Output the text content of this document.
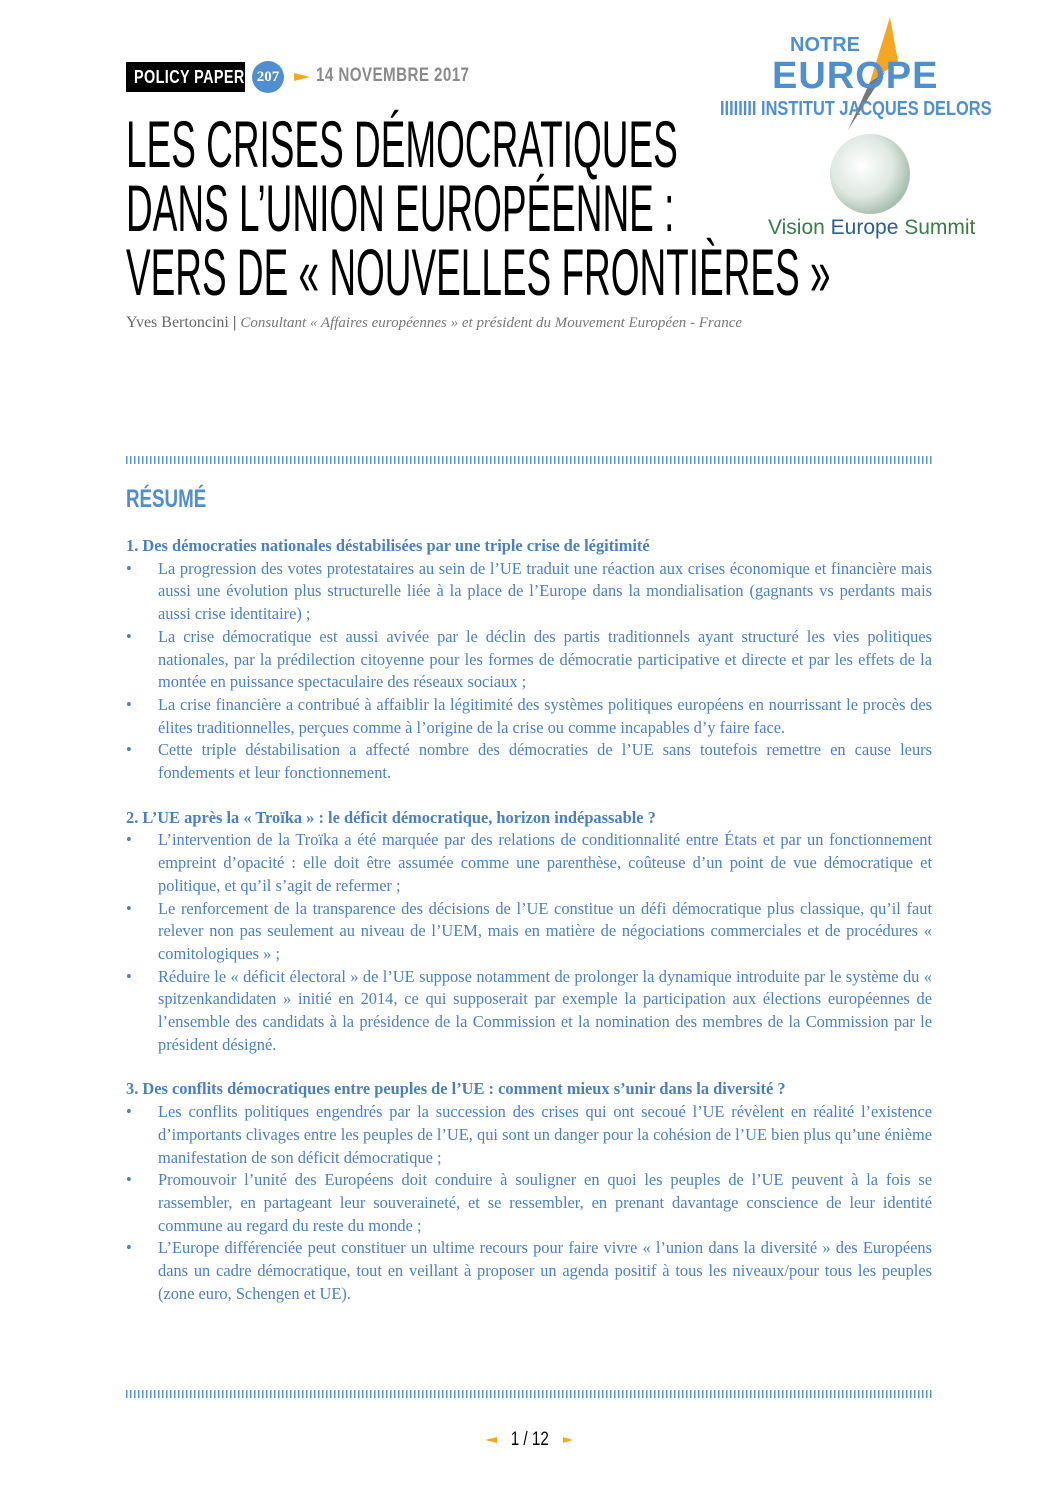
POLICY PAPER 207 14 NOVEMBRE 2017
NOTRE
EUROPE
IIIIIIII INSTITUT JACQUES DELORS
Vision Europe Summit
LES CRISES DÉMOCRATIQUES
DANS L’UNION EUROPÉENNE :
VERS DE « NOUVELLES FRONTIÈRES »
Yves Bertoncini | Consultant « Affaires européennes » et président du Mouvement Européen - France
RÉSUMÉ
1. Des démocraties nationales déstabilisées par une triple crise de légitimité
• La progression des votes protestataires au sein de l’UE traduit une réaction aux crises économique et financière mais aussi une évolution plus structurelle liée à la place de l’Europe dans la mondialisation (gagnants vs perdants mais aussi crise identitaire) ;
• La crise démocratique est aussi avivée par le déclin des partis traditionnels ayant structuré les vies politiques nationales, par la prédilection citoyenne pour les formes de démocratie participative et directe et par les effets de la montée en puissance spectaculaire des réseaux sociaux ;
• La crise financière a contribué à affaiblir la légitimité des systèmes politiques européens en nourrissant le procès des élites traditionnelles, perçues comme à l’origine de la crise ou comme incapables d’y faire face.
• Cette triple déstabilisation a affecté nombre des démocraties de l’UE sans toutefois remettre en cause leurs fondements et leur fonctionnement.
2. L’UE après la « Troïka » : le déficit démocratique, horizon indépassable ?
• L’intervention de la Troïka a été marquée par des relations de conditionnalité entre États et par un fonctionnement empreint d’opacité : elle doit être assumée comme une parenthèse, coûteuse d’un point de vue démocratique et politique, et qu’il s’agit de refermer ;
• Le renforcement de la transparence des décisions de l’UE constitue un défi démocratique plus classique, qu’il faut relever non pas seulement au niveau de l’UEM, mais en matière de négociations commerciales et de procédures « comitologiques » ;
• Réduire le « déficit électoral » de l’UE suppose notamment de prolonger la dynamique introduite par le système du « spitzenkandidaten » initié en 2014, ce qui supposerait par exemple la participation aux élections européennes de l’ensemble des candidats à la présidence de la Commission et la nomination des membres de la Commission par le président désigné.
3. Des conflits démocratiques entre peuples de l’UE : comment mieux s’unir dans la diversité ?
• Les conflits politiques engendrés par la succession des crises qui ont secoué l’UE révèlent en réalité l’existence d’importants clivages entre les peuples de l’UE, qui sont un danger pour la cohésion de l’UE bien plus qu’une énième manifestation de son déficit démocratique ;
• Promouvoir l’unité des Européens doit conduire à souligner en quoi les peuples de l’UE peuvent à la fois se rassembler, en partageant leur souveraineté, et se ressembler, en prenant davantage conscience de leur identité commune au regard du reste du monde ;
• L’Europe différenciée peut constituer un ultime recours pour faire vivre « l’union dans la diversité » des Européens dans un cadre démocratique, tout en veillant à proposer un agenda positif à tous les niveaux/pour tous les peuples (zone euro, Schengen et UE).
1 / 12
